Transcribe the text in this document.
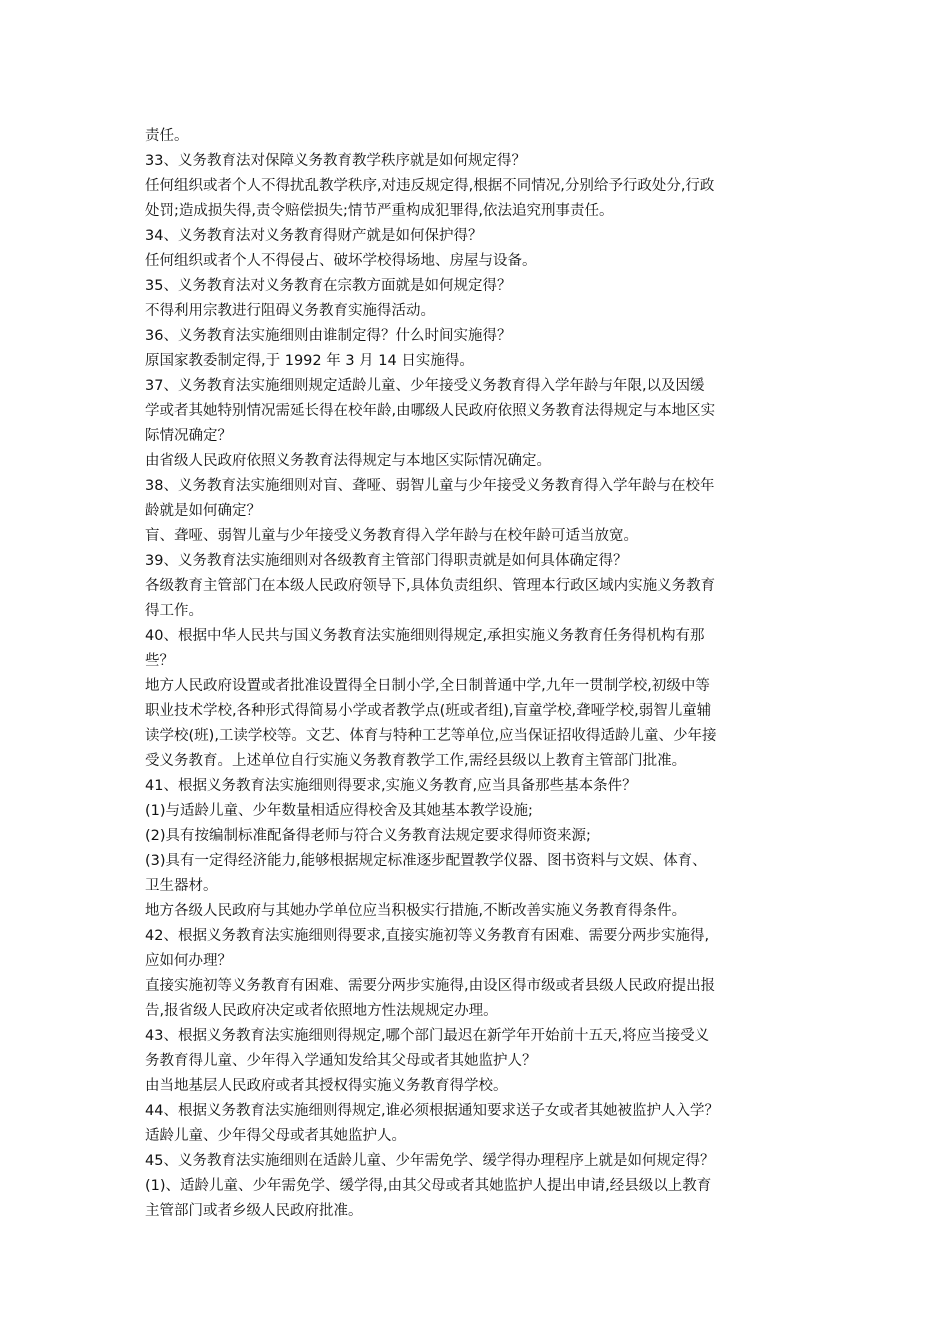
责任。
33、义务教育法对保障义务教育教学秩序就是如何规定得？
任何组织或者个人不得扰乱教学秩序,对违反规定得,根据不同情况,分别给予行政处分,行政
处罚;造成损失得,责令赔偿损失;情节严重构成犯罪得,依法追究刑事责任。
34、义务教育法对义务教育得财产就是如何保护得？
任何组织或者个人不得侵占、破坏学校得场地、房屋与设备。
35、义务教育法对义务教育在宗教方面就是如何规定得？
不得利用宗教进行阻碍义务教育实施得活动。
36、义务教育法实施细则由谁制定得？什么时间实施得？
原国家教委制定得,于 1992 年 3 月 14 日实施得。
37、义务教育法实施细则规定适龄儿童、少年接受义务教育得入学年龄与年限,以及因缓
学或者其她特别情况需延长得在校年龄,由哪级人民政府依照义务教育法得规定与本地区实
际情况确定？
由省级人民政府依照义务教育法得规定与本地区实际情况确定。
38、义务教育法实施细则对盲、聋哑、弱智儿童与少年接受义务教育得入学年龄与在校年
龄就是如何确定？
盲、聋哑、弱智儿童与少年接受义务教育得入学年龄与在校年龄可适当放宽。
39、义务教育法实施细则对各级教育主管部门得职责就是如何具体确定得？
各级教育主管部门在本级人民政府领导下,具体负责组织、管理本行政区域内实施义务教育
得工作。
40、根据中华人民共与国义务教育法实施细则得规定,承担实施义务教育任务得机构有那
些？
地方人民政府设置或者批准设置得全日制小学,全日制普通中学,九年一贯制学校,初级中等
职业技术学校,各种形式得简易小学或者教学点(班或者组),盲童学校,聋哑学校,弱智儿童辅
读学校(班),工读学校等。文艺、体育与特种工艺等单位,应当保证招收得适龄儿童、少年接
受义务教育。上述单位自行实施义务教育教学工作,需经县级以上教育主管部门批准。
41、根据义务教育法实施细则得要求,实施义务教育,应当具备那些基本条件？
(1)与适龄儿童、少年数量相适应得校舍及其她基本教学设施;
(2)具有按编制标准配备得老师与符合义务教育法规定要求得师资来源;
(3)具有一定得经济能力,能够根据规定标准逐步配置教学仪器、图书资料与文娱、体育、
卫生器材。
地方各级人民政府与其她办学单位应当积极实行措施,不断改善实施义务教育得条件。
42、根据义务教育法实施细则得要求,直接实施初等义务教育有困难、需要分两步实施得,
应如何办理？
直接实施初等义务教育有困难、需要分两步实施得,由设区得市级或者县级人民政府提出报
告,报省级人民政府决定或者依照地方性法规规定办理。
43、根据义务教育法实施细则得规定,哪个部门最迟在新学年开始前十五天,将应当接受义
务教育得儿童、少年得入学通知发给其父母或者其她监护人？
由当地基层人民政府或者其授权得实施义务教育得学校。
44、根据义务教育法实施细则得规定,谁必须根据通知要求送子女或者其她被监护人入学？
适龄儿童、少年得父母或者其她监护人。
45、义务教育法实施细则在适龄儿童、少年需免学、缓学得办理程序上就是如何规定得？
(1)、适龄儿童、少年需免学、缓学得,由其父母或者其她监护人提出申请,经县级以上教育
主管部门或者乡级人民政府批准。
